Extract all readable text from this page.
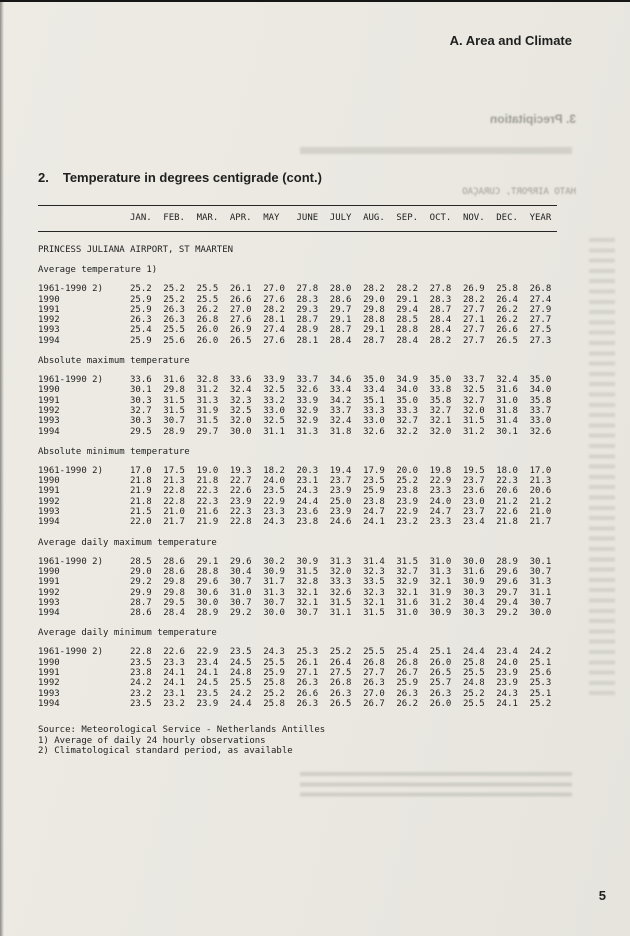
3. Precipitation
HATO AIRPORT, CURAÇAO
A. Area and Climate
2. Temperature in degrees centigrade (cont.)
JAN.	FEB.	MAR.	APR.	MAY	JUNE	JULY	AUG.	SEP.	OCT.	NOV.	DEC.	YEAR
PRINCESS JULIANA AIRPORT, ST MAARTEN
Average temperature 1)
1961-1990 2)	25.2	25.2	25.5	26.1	27.0	27.8	28.0	28.2	28.2	27.8	26.9	25.8	26.8
1990	25.9	25.2	25.5	26.6	27.6	28.3	28.6	29.0	29.1	28.3	28.2	26.4	27.4
1991	25.9	26.3	26.2	27.0	28.2	29.3	29.7	29.8	29.4	28.7	27.7	26.2	27.9
1992	26.3	26.3	26.8	27.6	28.1	28.7	29.1	28.8	28.5	28.4	27.1	26.2	27.7
1993	25.4	25.5	26.0	26.9	27.4	28.9	28.7	29.1	28.8	28.4	27.7	26.6	27.5
1994	25.9	25.6	26.0	26.5	27.6	28.1	28.4	28.7	28.4	28.2	27.7	26.5	27.3
Absolute maximum temperature
1961-1990 2)	33.6	31.6	32.8	33.6	33.9	33.7	34.6	35.0	34.9	35.0	33.7	32.4	35.0
1990	30.1	29.8	31.2	32.4	32.5	32.6	33.4	33.4	34.0	33.8	32.5	31.6	34.0
1991	30.3	31.5	31.3	32.3	33.2	33.9	34.2	35.1	35.0	35.8	32.7	31.0	35.8
1992	32.7	31.5	31.9	32.5	33.0	32.9	33.7	33.3	33.3	32.7	32.0	31.8	33.7
1993	30.3	30.7	31.5	32.0	32.5	32.9	32.4	33.0	32.7	32.1	31.5	31.4	33.0
1994	29.5	28.9	29.7	30.0	31.1	31.3	31.8	32.6	32.2	32.0	31.2	30.1	32.6
Absolute minimum temperature
1961-1990 2)	17.0	17.5	19.0	19.3	18.2	20.3	19.4	17.9	20.0	19.8	19.5	18.0	17.0
1990	21.8	21.3	21.8	22.7	24.0	23.1	23.7	23.5	25.2	22.9	23.7	22.3	21.3
1991	21.9	22.8	22.3	22.6	23.5	24.3	23.9	25.9	23.8	23.3	23.6	20.6	20.6
1992	21.8	22.8	22.3	23.9	22.9	24.4	25.0	23.8	23.9	24.0	23.0	21.2	21.2
1993	21.5	21.0	21.6	22.3	23.3	23.6	23.9	24.7	22.9	24.7	23.7	22.6	21.0
1994	22.0	21.7	21.9	22.8	24.3	23.8	24.6	24.1	23.2	23.3	23.4	21.8	21.7
Average daily maximum temperature
1961-1990 2)	28.5	28.6	29.1	29.6	30.2	30.9	31.3	31.4	31.5	31.0	30.0	28.9	30.1
1990	29.0	28.6	28.8	30.4	30.9	31.5	32.0	32.3	32.7	31.3	31.6	29.6	30.7
1991	29.2	29.8	29.6	30.7	31.7	32.8	33.3	33.5	32.9	32.1	30.9	29.6	31.3
1992	29.9	29.8	30.6	31.0	31.3	32.1	32.6	32.3	32.1	31.9	30.3	29.7	31.1
1993	28.7	29.5	30.0	30.7	30.7	32.1	31.5	32.1	31.6	31.2	30.4	29.4	30.7
1994	28.6	28.4	28.9	29.2	30.0	30.7	31.1	31.5	31.0	30.9	30.3	29.2	30.0
Average daily minimum temperature
1961-1990 2)	22.8	22.6	22.9	23.5	24.3	25.3	25.2	25.5	25.4	25.1	24.4	23.4	24.2
1990	23.5	23.3	23.4	24.5	25.5	26.1	26.4	26.8	26.8	26.0	25.8	24.0	25.1
1991	23.8	24.1	24.1	24.8	25.9	27.1	27.5	27.7	26.7	26.5	25.5	23.9	25.6
1992	24.2	24.1	24.5	25.5	25.8	26.3	26.8	26.3	25.9	25.7	24.8	23.9	25.3
1993	23.2	23.1	23.5	24.2	25.2	26.6	26.3	27.0	26.3	26.3	25.2	24.3	25.1
1994	23.5	23.2	23.9	24.4	25.8	26.3	26.5	26.7	26.2	26.0	25.5	24.1	25.2
Source: Meteorological Service - Netherlands Antilles
1) Average of daily 24 hourly observations
2) Climatological standard period, as available
5
